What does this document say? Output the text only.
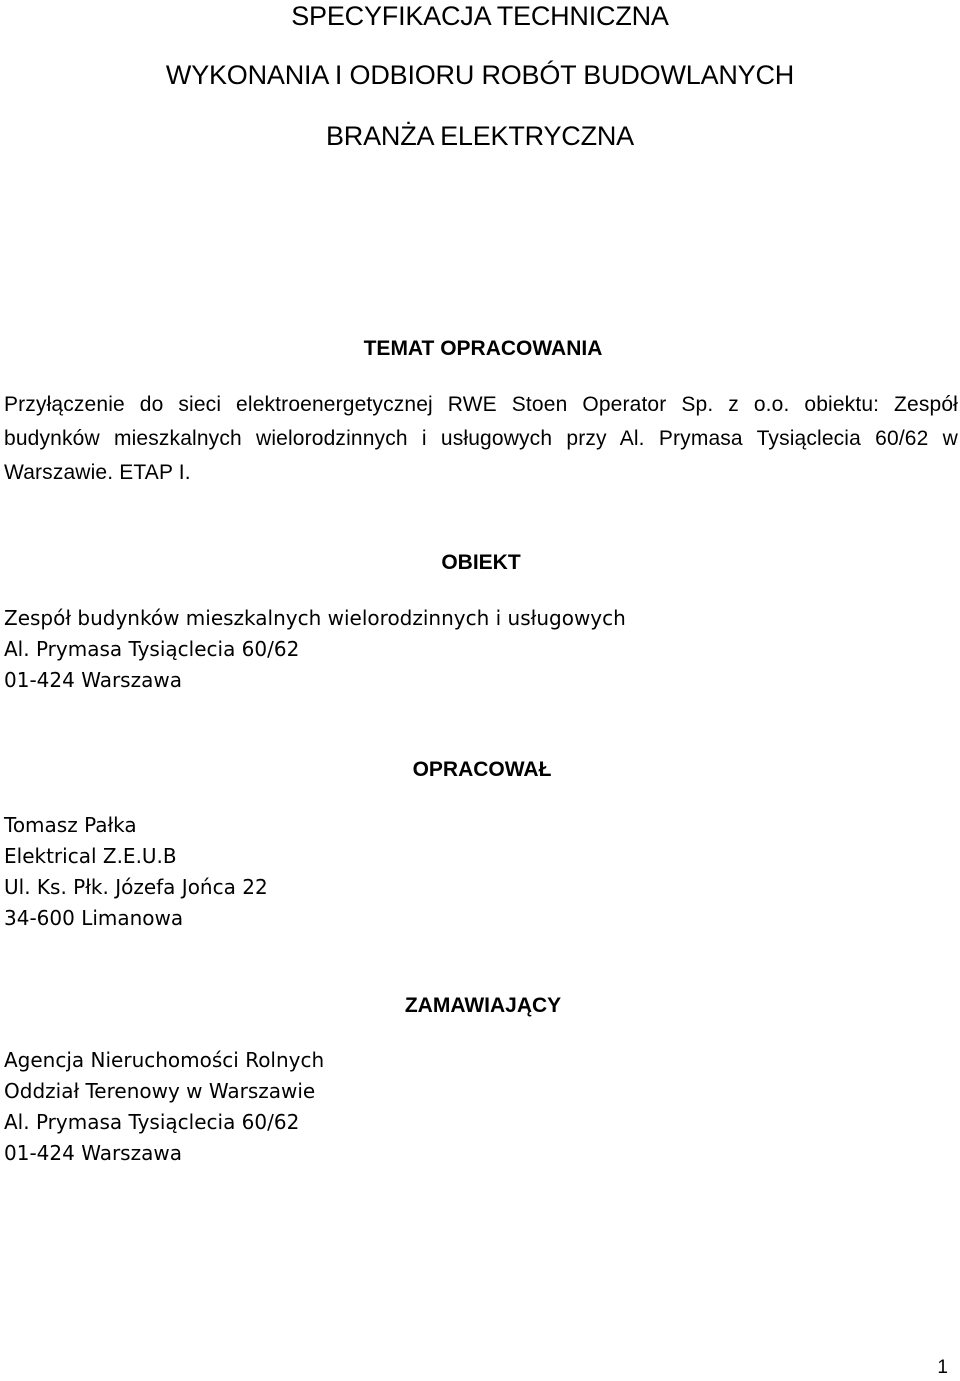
SPECYFIKACJA TECHNICZNA
WYKONANIA I ODBIORU ROBÓT BUDOWLANYCH
BRANŻA ELEKTRYCZNA
TEMAT OPRACOWANIA
Przyłączenie do sieci elektroenergetycznej RWE Stoen Operator Sp. z o.o. obiektu: Zespół budynków mieszkalnych wielorodzinnych i usługowych przy Al. Prymasa Tysiąclecia 60/62 w Warszawie. ETAP I.
OBIEKT
Zespół budynków mieszkalnych wielorodzinnych i usługowych
Al. Prymasa Tysiąclecia 60/62
01-424 Warszawa
OPRACOWAŁ
Tomasz Pałka
Elektrical Z.E.U.B
Ul. Ks. Płk. Józefa Jońca 22
34-600 Limanowa
ZAMAWIAJĄCY
Agencja Nieruchomości Rolnych
Oddział Terenowy w Warszawie
Al. Prymasa Tysiąclecia 60/62
01-424 Warszawa
1
